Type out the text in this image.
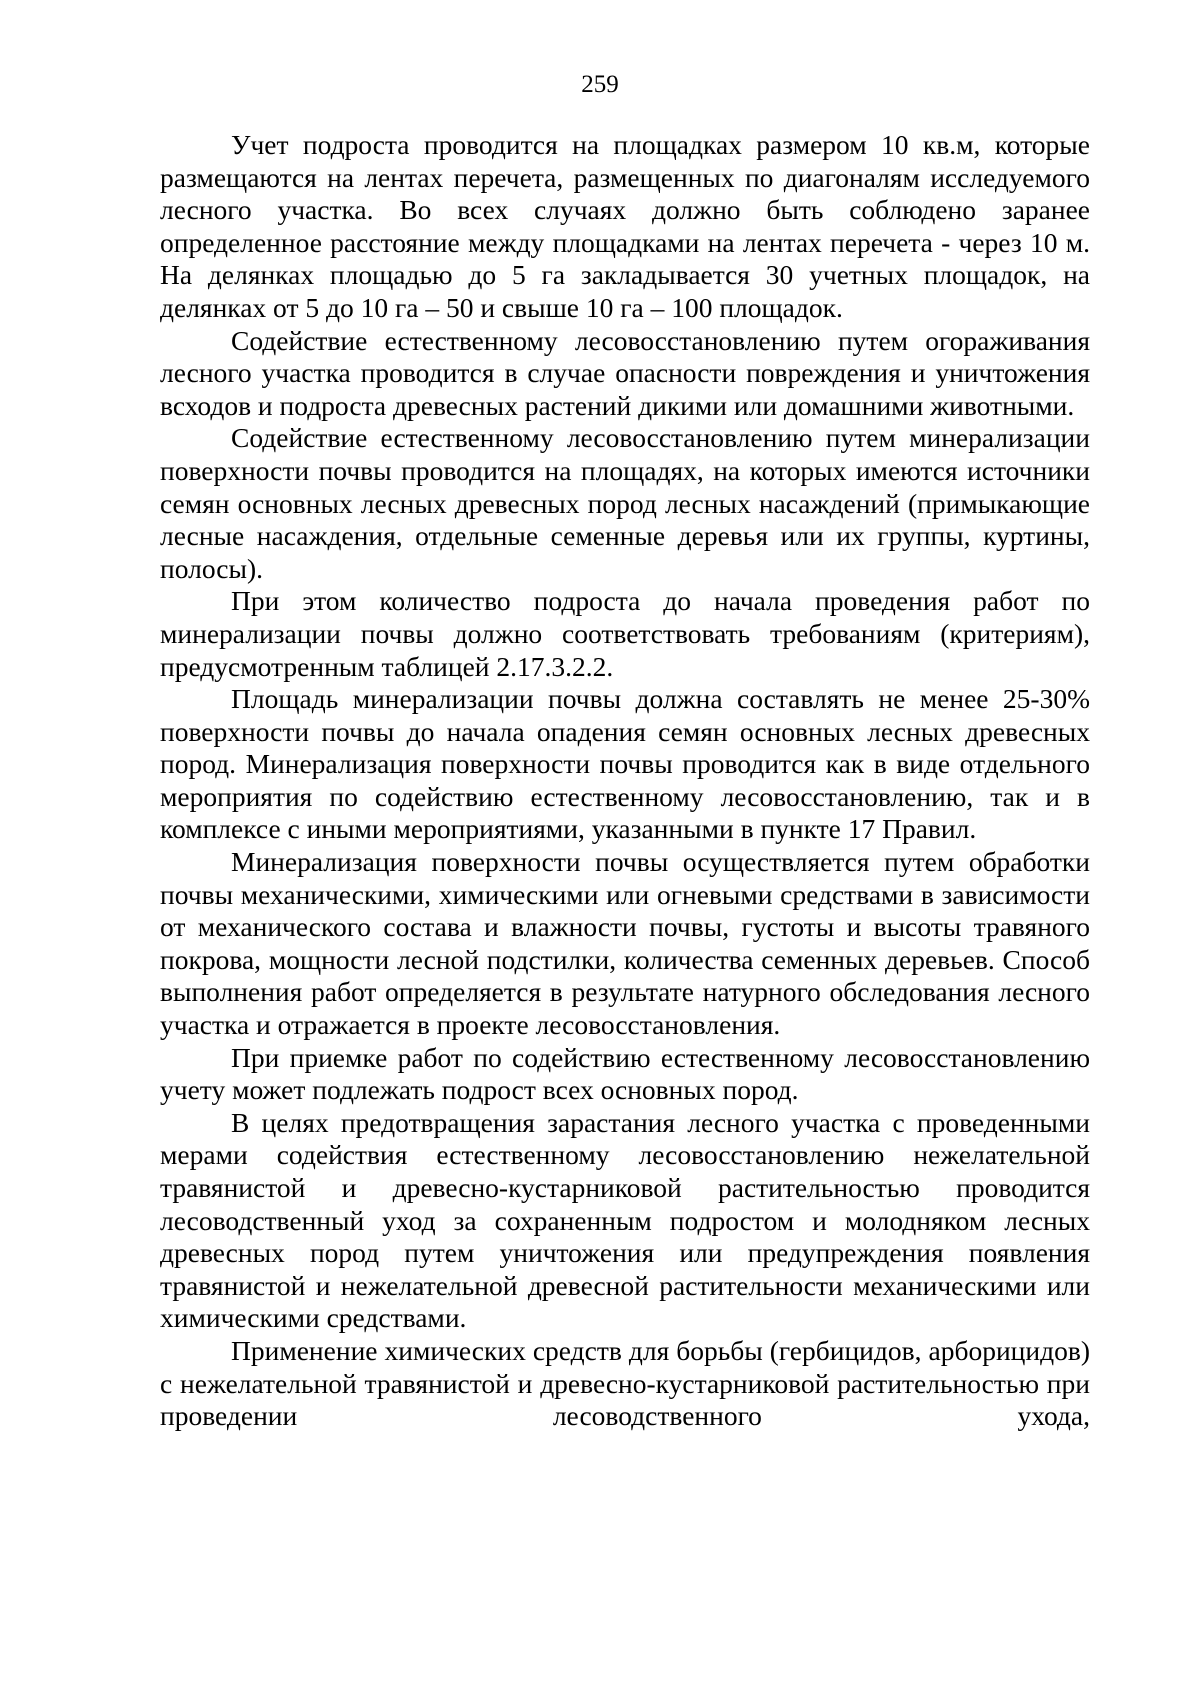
259

Учет подроста проводится на площадках размером 10 кв.м, которые размещаются на лентах перечета, размещенных по диагоналям исследуемого лесного участка. Во всех случаях должно быть соблюдено заранее определенное расстояние между площадками на лентах перечета - через 10 м. На делянках площадью до 5 га закладывается 30 учетных площадок, на делянках от 5 до 10 га – 50 и свыше 10 га – 100 площадок.

Содействие естественному лесовосстановлению путем огораживания лесного участка проводится в случае опасности повреждения и уничтожения всходов и подроста древесных растений дикими или домашними животными.

Содействие естественному лесовосстановлению путем минерализации поверхности почвы проводится на площадях, на которых имеются источники семян основных лесных древесных пород лесных насаждений (примыкающие лесные насаждения, отдельные семенные деревья или их группы, куртины, полосы).

При этом количество подроста до начала проведения работ по минерализации почвы должно соответствовать требованиям (критериям), предусмотренным таблицей 2.17.3.2.2.

Площадь минерализации почвы должна составлять не менее 25-30% поверхности почвы до начала опадения семян основных лесных древесных пород. Минерализация поверхности почвы проводится как в виде отдельного мероприятия по содействию естественному лесовосстановлению, так и в комплексе с иными мероприятиями, указанными в пункте 17 Правил.

Минерализация поверхности почвы осуществляется путем обработки почвы механическими, химическими или огневыми средствами в зависимости от механического состава и влажности почвы, густоты и высоты травяного покрова, мощности лесной подстилки, количества семенных деревьев. Способ выполнения работ определяется в результате натурного обследования лесного участка и отражается в проекте лесовосстановления.

При приемке работ по содействию естественному лесовосстановлению учету может подлежать подрост всех основных пород.

В целях предотвращения зарастания лесного участка с проведенными мерами содействия естественному лесовосстановлению нежелательной травянистой и древесно-кустарниковой растительностью проводится лесоводственный уход за сохраненным подростом и молодняком лесных древесных пород путем уничтожения или предупреждения появления травянистой и нежелательной древесной растительности механическими или химическими средствами.

Применение химических средств для борьбы (гербицидов, арборицидов) с нежелательной травянистой и древесно-кустарниковой растительностью при проведении лесоводственного ухода,
